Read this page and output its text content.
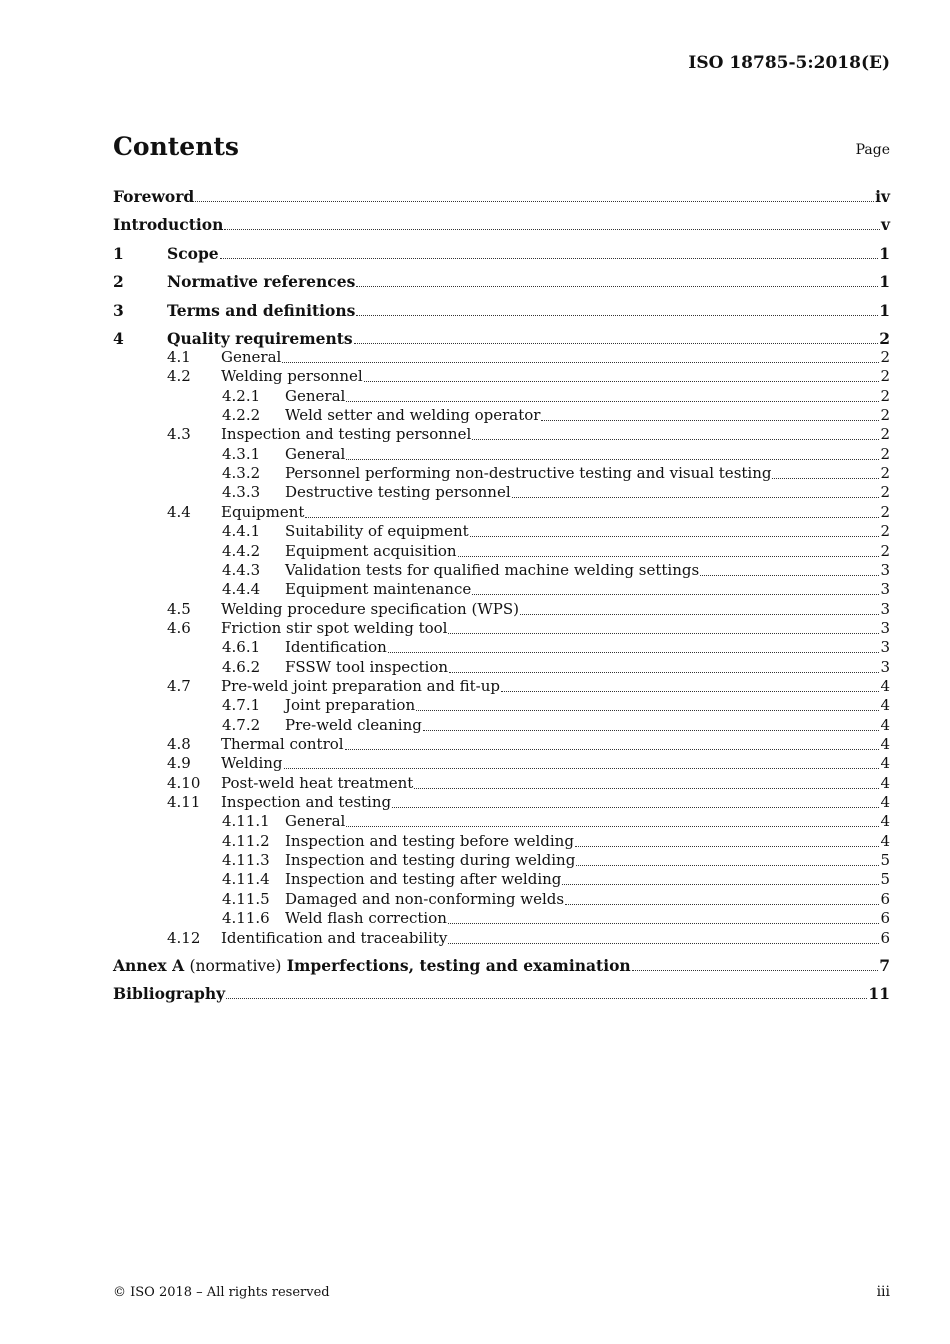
ISO 18785-5:2018(E)
Contents	Page
Foreword	iv
Introduction	v
1	Scope	1
2	Normative references	1
3	Terms and definitions	1
4	Quality requirements	2
4.1	General	2
4.2	Welding personnel	2
4.2.1	General	2
4.2.2	Weld setter and welding operator	2
4.3	Inspection and testing personnel	2
4.3.1	General	2
4.3.2	Personnel performing non-destructive testing and visual testing	2
4.3.3	Destructive testing personnel	2
4.4	Equipment	2
4.4.1	Suitability of equipment	2
4.4.2	Equipment acquisition	2
4.4.3	Validation tests for qualified machine welding settings	3
4.4.4	Equipment maintenance	3
4.5	Welding procedure specification (WPS)	3
4.6	Friction stir spot welding tool	3
4.6.1	Identification	3
4.6.2	FSSW tool inspection	3
4.7	Pre-weld joint preparation and fit-up	4
4.7.1	Joint preparation	4
4.7.2	Pre-weld cleaning	4
4.8	Thermal control	4
4.9	Welding	4
4.10	Post-weld heat treatment	4
4.11	Inspection and testing	4
4.11.1	General	4
4.11.2	Inspection and testing before welding	4
4.11.3	Inspection and testing during welding	5
4.11.4	Inspection and testing after welding	5
4.11.5	Damaged and non-conforming welds	6
4.11.6	Weld flash correction	6
4.12	Identification and traceability	6
Annex A (normative) Imperfections, testing and examination	7
Bibliography	11
© ISO 2018 – All rights reserved	iii
